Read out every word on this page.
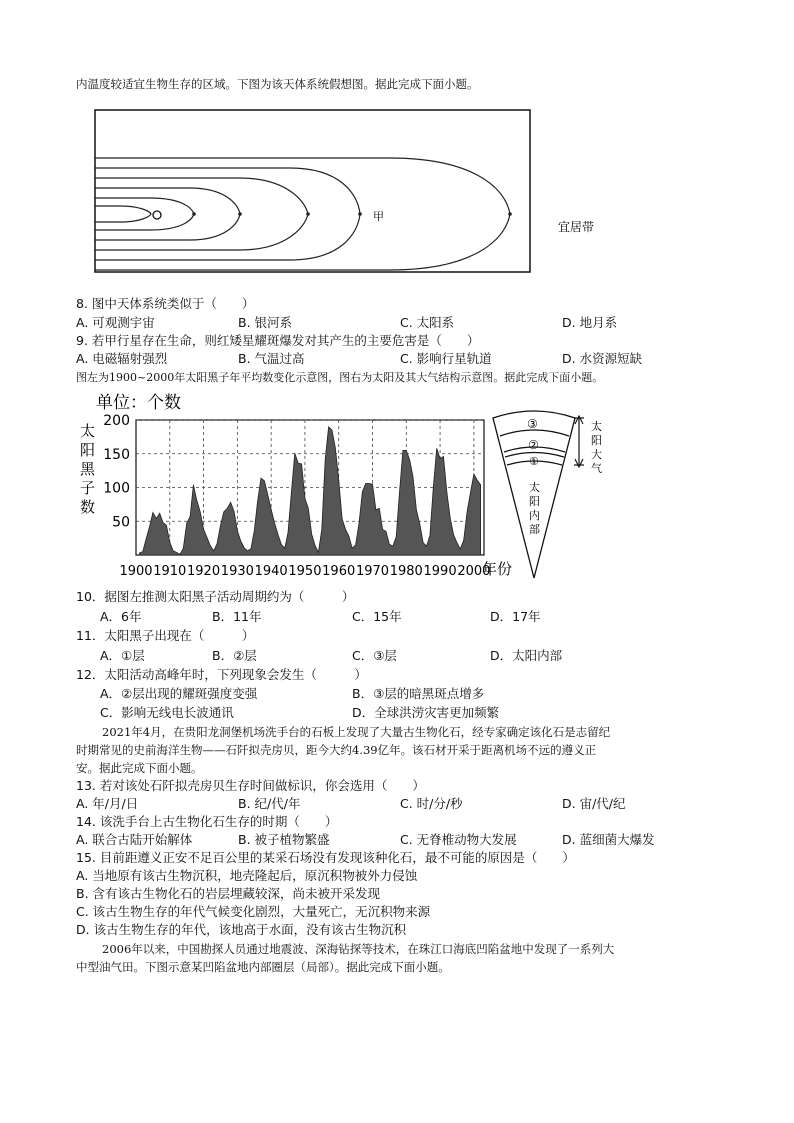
内温度较适宜生物生存的区域。下图为该天体系统假想图。据此完成下面小题。
甲
宜居带
8. 图中天体系统类似于（　　）
A. 可观测宇宙	B. 银河系	C. 太阳系	D. 地月系
9. 若甲行星存在生命，则红矮星耀斑爆发对其产生的主要危害是（　　）
A. 电磁辐射强烈	B. 气温过高	C. 影响行星轨道	D. 水资源短缺
图左为1900~2000年太阳黑子年平均数变化示意图，图右为太阳及其大气结构示意图。据此完成下面小题。
单位：个数
太
阳
黑
子
数
200
150
100
50
1900 1910 1920 1930 1940 1950 1960 1970 1980 1990 2000
年份
③
②
①
太
阳
内
部
太
阳
大
气
10．据图左推测太阳黑子活动周期约为（　　　）
A．6年	B．11年	C．15年	D．17年
11．太阳黑子出现在（　　　）
A．①层	B．②层	C．③层	D．太阳内部
12．太阳活动高峰年时，下列现象会发生（　　　）
A．②层出现的耀斑强度变强	B．③层的暗黑斑点增多
C．影响无线电长波通讯	D．全球洪涝灾害更加频繁
2021年4月，在贵阳龙洞堡机场洗手台的石板上发现了大量古生物化石，经专家确定该化石是志留纪
时期常见的史前海洋生物——石阡拟壳房贝，距今大约4.39亿年。该石材开采于距离机场不远的遵义正
安。据此完成下面小题。
13. 若对该处石阡拟壳房贝生存时间做标识，你会选用（　　）
A. 年/月/日	B. 纪/代/年	C. 时/分/秒	D. 宙/代/纪
14. 该洗手台上古生物化石生存的时期（　　）
A. 联合古陆开始解体	B. 被子植物繁盛	C. 无脊椎动物大发展	D. 蓝细菌大爆发
15. 目前距遵义正安不足百公里的某采石场没有发现该种化石，最不可能的原因是（　　）
A. 当地原有该古生物沉积，地壳隆起后，原沉积物被外力侵蚀
B. 含有该古生物化石的岩层埋藏较深，尚未被开采发现
C. 该古生物生存的年代气候变化剧烈，大量死亡，无沉积物来源
D. 该古生物生存的年代，该地高于水面，没有该古生物沉积
2006年以来，中国勘探人员通过地震波、深海钻探等技术，在珠江口海底凹陷盆地中发现了一系列大
中型油气田。下图示意某凹陷盆地内部圈层（局部）。据此完成下面小题。
